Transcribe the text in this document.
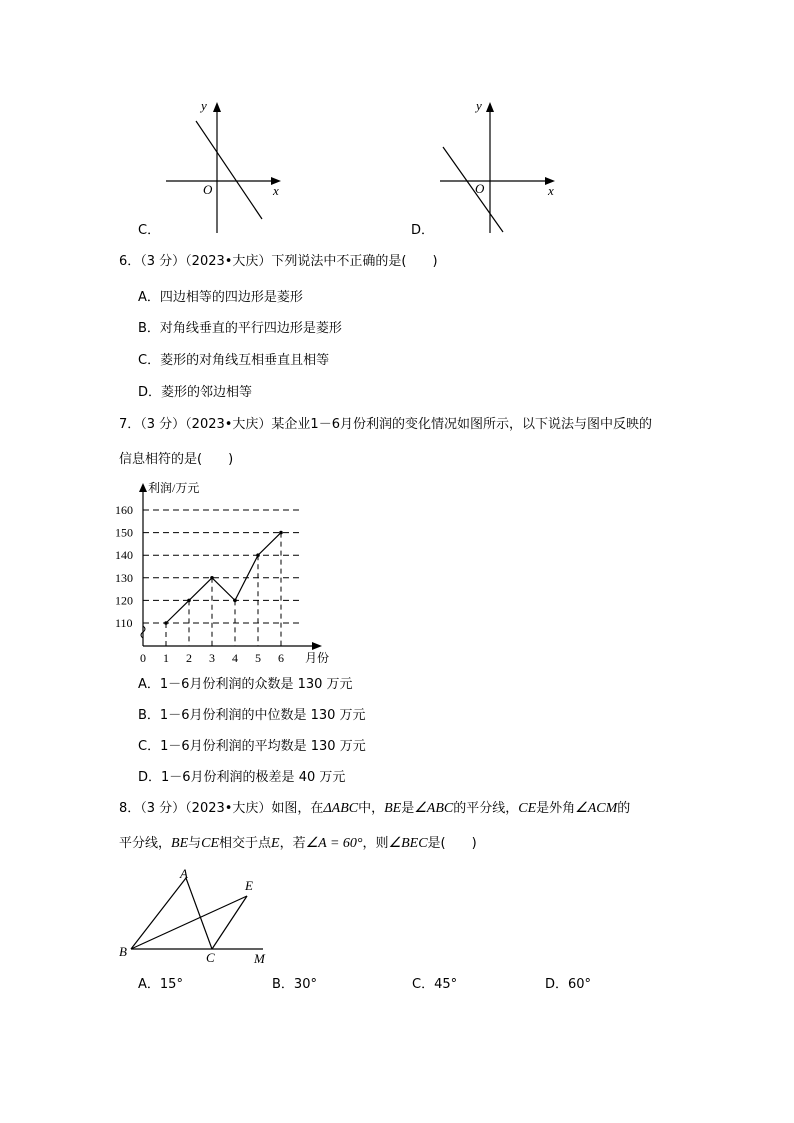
y
O	x
C．
y
O	x
D．
6．（3 分）（2023•大庆）下列说法中不正确的是(　　)
A．四边相等的四边形是菱形
B．对角线垂直的平行四边形是菱形
C．菱形的对角线互相垂直且相等
D．菱形的邻边相等
7．（3 分）（2023•大庆）某企业1－6月份利润的变化情况如图所示，以下说法与图中反映的
信息相符的是(　　)
利润/万元
月份
110
120
130
140
150
160
0 1 2 3 4 5 6
A．1－6月份利润的众数是 130 万元
B．1－6月份利润的中位数是 130 万元
C．1－6月份利润的平均数是 130 万元
D．1－6月份利润的极差是 40 万元
8．（3 分）（2023•大庆）如图，在ΔABC中，BE是∠ABC的平分线，CE是外角∠ACM的
平分线，BE与CE相交于点E，若∠A = 60°，则∠BEC是(　　)
A
B	C
E
M
A．15°	B．30°	C．45°	D．60°
